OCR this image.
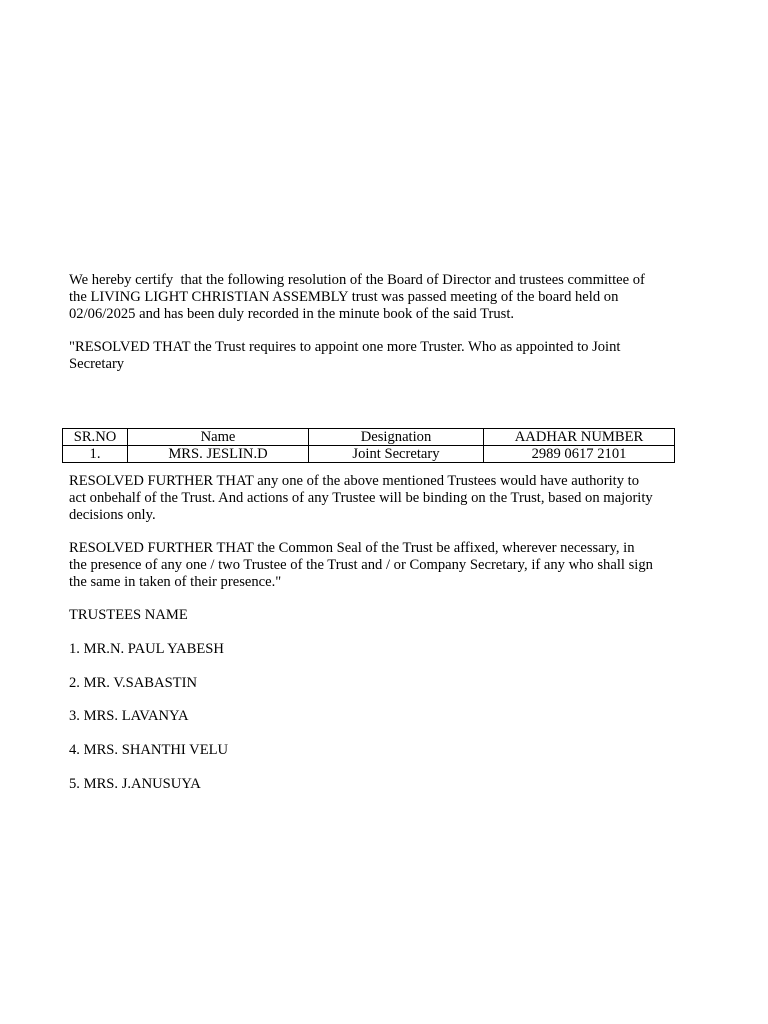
We hereby certify  that the following resolution of the Board of Director and trustees committee of
the LIVING LIGHT CHRISTIAN ASSEMBLY trust was passed meeting of the board held on
02/06/2025 and has been duly recorded in the minute book of the said Trust.

"RESOLVED THAT the Trust requires to appoint one more Truster. Who as appointed to Joint
Secretary

SR.NO	Name	Designation	AADHAR NUMBER
1.	MRS. JESLIN.D	Joint Secretary	2989 0617 2101

RESOLVED FURTHER THAT any one of the above mentioned Trustees would have authority to
act onbehalf of the Trust. And actions of any Trustee will be binding on the Trust, based on majority
decisions only.

RESOLVED FURTHER THAT the Common Seal of the Trust be affixed, wherever necessary, in
the presence of any one / two Trustee of the Trust and / or Company Secretary, if any who shall sign
the same in taken of their presence."

TRUSTEES NAME

1. MR.N. PAUL YABESH

2. MR. V.SABASTIN

3. MRS. LAVANYA

4. MRS. SHANTHI VELU

5. MRS. J.ANUSUYA
